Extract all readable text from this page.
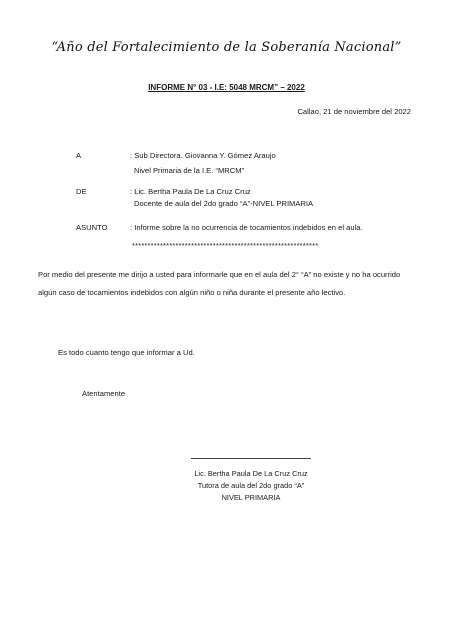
“Año del Fortalecimiento de la Soberanía Nacional”
INFORME N° 03 - I.E: 5048 MRCM” – 2022
Callao, 21 de noviembre del 2022
A	: Sub Directora. Giovanna Y. Gómez Araujo
Nivel Primaria de la I.E. “MRCM”
DE	: Lic. Bertha Paula De La Cruz Cruz
Docente de aula del 2do grado “A”-NIVEL PRIMARIA
ASUNTO	: Informe sobre la no ocurrencia de tocamientos indebidos en el aula.
************************************************************
Por medio del presente me dirijo a usted para informarle que en el aula del 2° “A” no existe y no ha ocurrido algún caso de tocamientos indebidos con algún niño o niña durante el presente año lectivo.
Es todo cuanto tengo que informar a Ud.
Atentamente
Lic. Bertha Paula De La Cruz Cruz
Tutora de aula del 2do grado “A”
NIVEL PRIMARIA
